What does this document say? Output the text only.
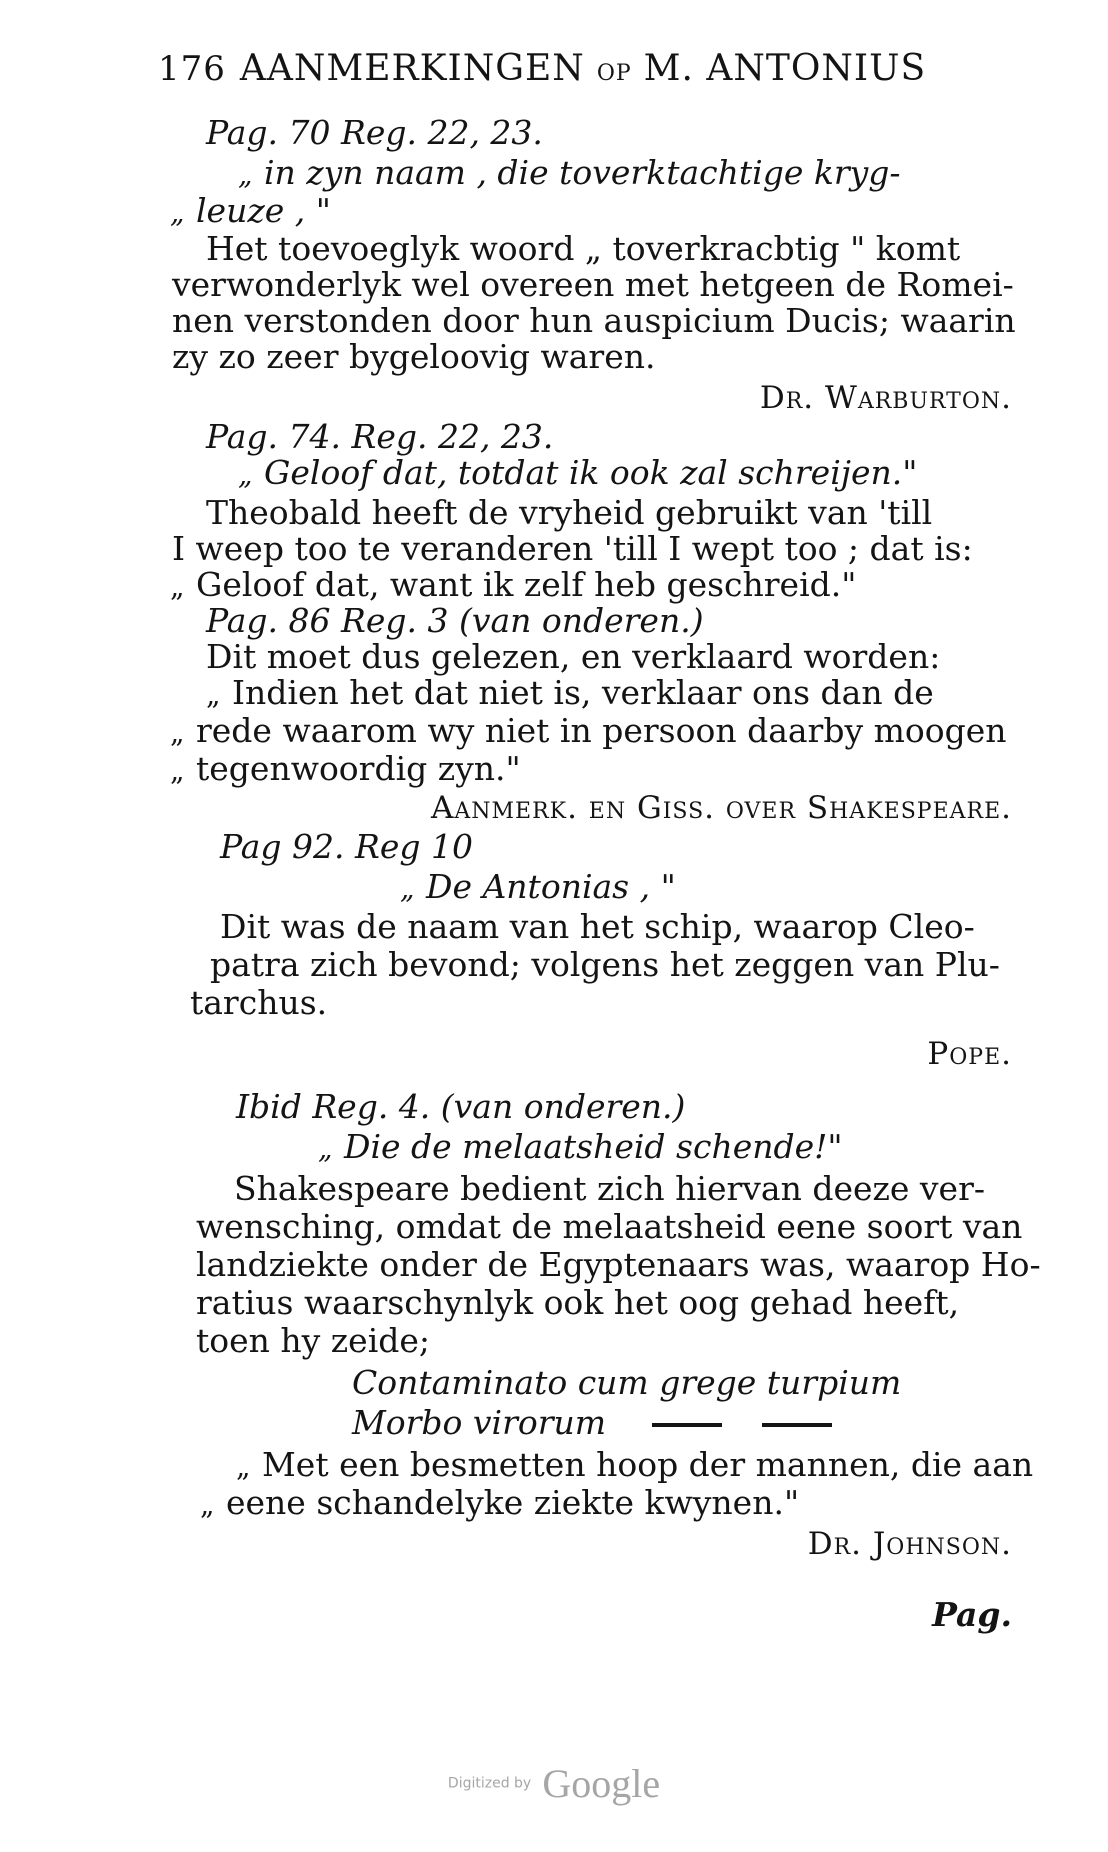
176 AANMERKINGEN OP M. ANTONIUS
Pag. 70 Reg. 22, 23.
„ in zyn naam , die toverktachtige kryg-
„ leuze , "
Het toevoeglyk woord „ toverkracbtig " komt
verwonderlyk wel overeen met hetgeen de Romei-
nen verstonden door hun auspicium Ducis; waarin
zy zo zeer bygeloovig waren.
Dr. Warburton.
Pag. 74. Reg. 22, 23.
„ Geloof dat, totdat ik ook zal schreijen."
Theobald heeft de vryheid gebruikt van 'till
I weep too te veranderen 'till I wept too ; dat is:
„ Geloof dat, want ik zelf heb geschreid."
Pag. 86 Reg. 3 (van onderen.)
Dit moet dus gelezen, en verklaard worden:
„ Indien het dat niet is, verklaar ons dan de
„ rede waarom wy niet in persoon daarby moogen
„ tegenwoordig zyn."
Aanmerk. en Giss. over Shakespeare.
Pag 92. Reg 10
„ De Antonias , "
Dit was de naam van het schip, waarop Cleo-
patra zich bevond; volgens het zeggen van Plu-
tarchus.
Pope.
Ibid Reg. 4. (van onderen.)
„ Die de melaatsheid schende!"
Shakespeare bedient zich hiervan deeze ver-
wensching, omdat de melaatsheid eene soort van
landziekte onder de Egyptenaars was, waarop Ho-
ratius waarschynlyk ook het oog gehad heeft,
toen hy zeide;
Contaminato cum grege turpium
Morbo virorum
„ Met een besmetten hoop der mannen, die aan
„ eene schandelyke ziekte kwynen."
Dr. Johnson.
Pag.
Digitized by Google
